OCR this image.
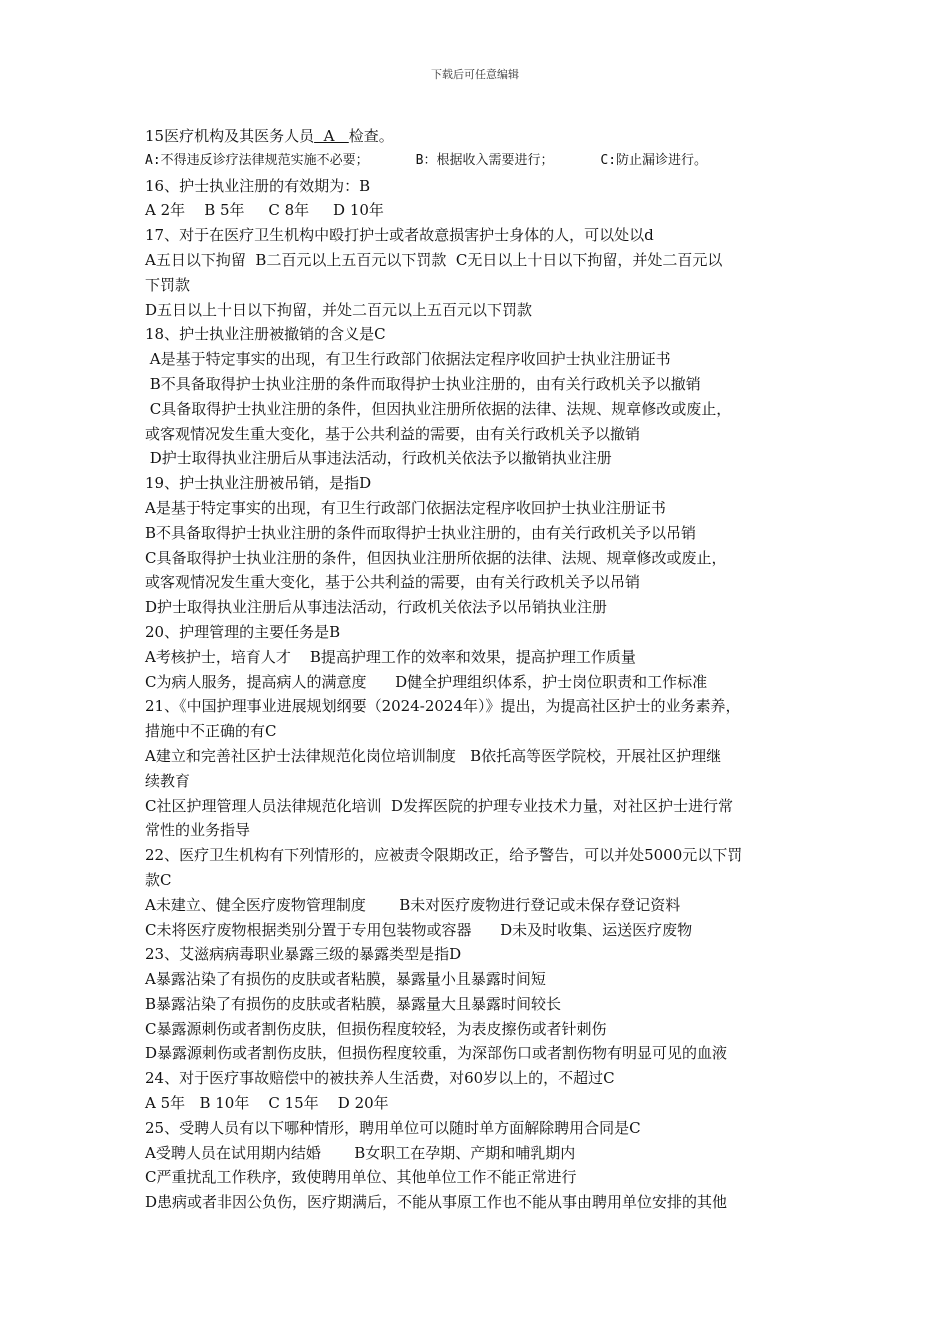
下载后可任意编辑
15医疗机构及其医务人员  A   检查。
A:不得违反诊疗法律规范实施不必要；      B：根据收入需要进行；      C:防止漏诊进行。
16、护士执业注册的有效期为：B
A 2年    B 5年     C 8年     D 10年
17、对于在医疗卫生机构中殴打护士或者故意损害护士身体的人，可以处以d
A五日以下拘留  B二百元以上五百元以下罚款  C无日以上十日以下拘留，并处二百元以
下罚款
D五日以上十日以下拘留，并处二百元以上五百元以下罚款
18、护士执业注册被撤销的含义是C
A是基于特定事实的出现，有卫生行政部门依据法定程序收回护士执业注册证书
B不具备取得护士执业注册的条件而取得护士执业注册的，由有关行政机关予以撤销
C具备取得护士执业注册的条件，但因执业注册所依据的法律、法规、规章修改或废止，
或客观情况发生重大变化，基于公共利益的需要，由有关行政机关予以撤销
D护士取得执业注册后从事违法活动，行政机关依法予以撤销执业注册
19、护士执业注册被吊销，是指D
A是基于特定事实的出现，有卫生行政部门依据法定程序收回护士执业注册证书
B不具备取得护士执业注册的条件而取得护士执业注册的，由有关行政机关予以吊销
C具备取得护士执业注册的条件，但因执业注册所依据的法律、法规、规章修改或废止，
或客观情况发生重大变化，基于公共利益的需要，由有关行政机关予以吊销
D护士取得执业注册后从事违法活动，行政机关依法予以吊销执业注册
20、护理管理的主要任务是B
A考核护士，培育人才    B提高护理工作的效率和效果，提高护理工作质量
C为病人服务，提高病人的满意度      D健全护理组织体系，护士岗位职责和工作标准
21、《中国护理事业进展规划纲要（2024-2024年）》提出，为提高社区护士的业务素养，
措施中不正确的有C
A建立和完善社区护士法律规范化岗位培训制度   B依托高等医学院校，开展社区护理继
续教育
C社区护理管理人员法律规范化培训  D发挥医院的护理专业技术力量，对社区护士进行常
常性的业务指导
22、医疗卫生机构有下列情形的，应被责令限期改正，给予警告，可以并处5000元以下罚
款C
A未建立、健全医疗废物管理制度       B未对医疗废物进行登记或未保存登记资料
C未将医疗废物根据类别分置于专用包装物或容器      D未及时收集、运送医疗废物
23、艾滋病病毒职业暴露三级的暴露类型是指D
A暴露沾染了有损伤的皮肤或者粘膜，暴露量小且暴露时间短
B暴露沾染了有损伤的皮肤或者粘膜，暴露量大且暴露时间较长
C暴露源刺伤或者割伤皮肤，但损伤程度较轻，为表皮擦伤或者针刺伤
D暴露源刺伤或者割伤皮肤，但损伤程度较重，为深部伤口或者割伤物有明显可见的血液
24、对于医疗事故赔偿中的被扶养人生活费，对60岁以上的，不超过C
A 5年   B 10年    C 15年    D 20年
25、受聘人员有以下哪种情形，聘用单位可以随时单方面解除聘用合同是C
A受聘人员在试用期内结婚       B女职工在孕期、产期和哺乳期内
C严重扰乱工作秩序，致使聘用单位、其他单位工作不能正常进行
D患病或者非因公负伤，医疗期满后，不能从事原工作也不能从事由聘用单位安排的其他
